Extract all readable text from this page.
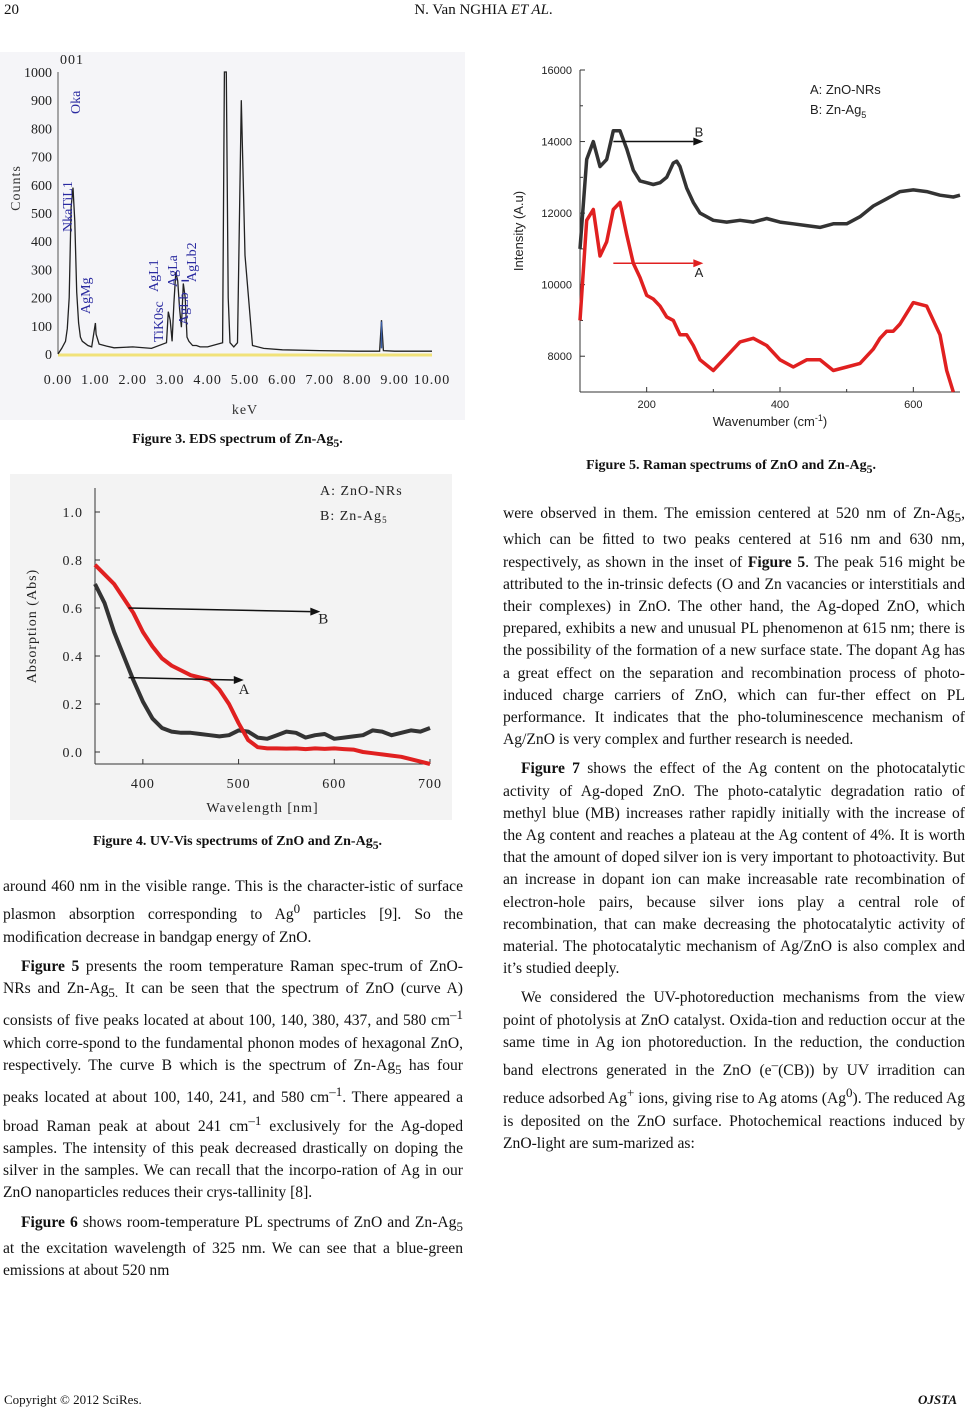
20	N. Van NGHIA ET AL.
0
100
200
300
400
500
600
700
800
900
1000
0.00 1.00 2.00 3.00 4.00 5.00 6.00 7.00 8.00 9.00 10.00
keV
Counts
001
Oka
NkaTiL1
AgMg
TiK0sc
AgL1 AgLa
AgLb
AgLb2
Figure 3. EDS spectrum of $Zn-Ag_5$.
0.0
0.2
0.4
0.6
0.8
1.0
400	500	600	700
Wavelength [nm]
Absorption (Abs)
A: ZnO-NRs
B: $Zn-Ag_5$
B
A
Figure 4. UV-Vis spectrums of ZnO and $Zn-Ag_5$.
8000
10000
12000
14000
16000
200	400	600
Wavenumber $(cm^{-1})$
Intensity (A.u)
A: ZnO-NRs
B: $Zn-Ag_5$
B
A
Figure 5. Raman spectrums of ZnO and $Zn-Ag_5$.

around 460 nm in the visible range. This is the character-istic of surface plasmon absorption corresponding to Ag$^0$ particles [9]. So the modiﬁcation decrease in bandgap energy of ZnO.

Figure 5 presents the room temperature Raman spec-trum of ZnO-NRs and $Zn-Ag_{5.}$ It can be seen that the spectrum of ZnO (curve A) consists of five peaks located at about 100, 140, 380, 437, and 580 $cm^{-1}$ which corre-spond to the fundamental phonon modes of hexagonal ZnO, respectively. The curve B which is the spectrum of $Zn-Ag_5$ has four peaks located at about 100, 140, 241, and 580 $cm^{-1}$. There appeared a broad Raman peak at about 241 $cm^{-1}$ exclusively for the Ag-doped samples. The intensity of this peak decreased drastically on doping the silver in the samples. We can recall that the incorpo-ration of Ag in our ZnO nanoparticles reduces their crys-tallinity [8].

Figure 6 shows room-temperature PL spectrums of ZnO and $Zn-Ag_5$ at the excitation wavelength of 325 nm. We can see that a blue-green emissions at about 520 nm

were observed in them. The emission centered at 520 nm of $Zn-Ag_5$, which can be ﬁtted to two peaks centered at 516 nm and 630 nm, respectively, as shown in the inset of Figure 5. The peak 516 might be attributed to the in-trinsic defects (O and Zn vacancies or interstitials and their complexes) in ZnO. The other hand, the Ag-doped ZnO, which prepared, exhibits a new and unusual PL phenomenon at 615 nm; there is the possibility of the formation of a new surface state. The dopant Ag has a great effect on the separation and recombination process of photo-induced charge carriers of ZnO, which can fur-ther effect on PL performance. It indicates that the pho-toluminescence mechanism of Ag/ZnO is very complex and further research is needed.

Figure 7 shows the effect of the Ag content on the photocatalytic activity of Ag-doped ZnO. The photo-catalytic degradation ratio of methyl blue (MB) increases rather rapidly initially with the increase of the Ag content and reaches a plateau at the Ag content of 4%. It is worth that the amount of doped silver ion is very important to photoactivity. But an increase in dopant ion can make increasable rate recombination of electron-hole pairs, because silver ions play a central role of recombination, that can make decreasing the photocatalytic activity of material. The photocatalytic mechanism of Ag/ZnO is also complex and it’s studied deeply.

We considered the UV-photoreduction mechanisms from the view point of photolysis at ZnO catalyst. Oxida-tion and reduction occur at the same time in Ag ion photoreduction. In the reduction, the conduction band electrons generated in the ZnO (e–(CB)) by UV irradition can reduce adsorbed Ag+ ions, giving rise to Ag atoms (Ag$^0$). The reduced Ag is deposited on the ZnO surface. Photochemical reactions induced by ZnO-light are sum-marized as:

Copyright © 2012 SciRes.	OJSTA
